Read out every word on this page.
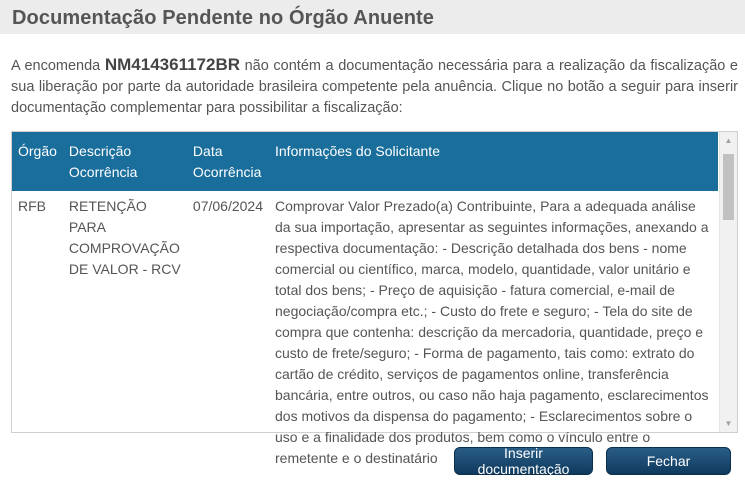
Documentação Pendente no Órgão Anuente
A encomenda NM414361172BR não contém a documentação necessária para a realização da fiscalização e sua liberação por parte da autoridade brasileira competente pela anuência. Clique no botão a seguir para inserir documentação complementar para possibilitar a fiscalização:
Órgão	Descrição Ocorrência	Data Ocorrência	Informações do Solicitante
RFB	RETENÇÃO PARA COMPROVAÇÃO DE VALOR - RCV	07/06/2024	Comprovar Valor Prezado(a) Contribuinte, Para a adequada análise da sua importação, apresentar as seguintes informações, anexando a respectiva documentação: - Descrição detalhada dos bens - nome comercial ou científico, marca, modelo, quantidade, valor unitário e total dos bens; - Preço de aquisição - fatura comercial, e-mail de negociação/compra etc.; - Custo do frete e seguro; - Tela do site de compra que contenha: descrição da mercadoria, quantidade, preço e custo de frete/seguro; - Forma de pagamento, tais como: extrato do cartão de crédito, serviços de pagamentos online, transferência bancária, entre outros, ou caso não haja pagamento, esclarecimentos dos motivos da dispensa do pagamento; - Esclarecimentos sobre o uso e a finalidade dos produtos, bem como o vínculo entre o remetente e o destinatário
▲
▼
Inserir documentação	Fechar
